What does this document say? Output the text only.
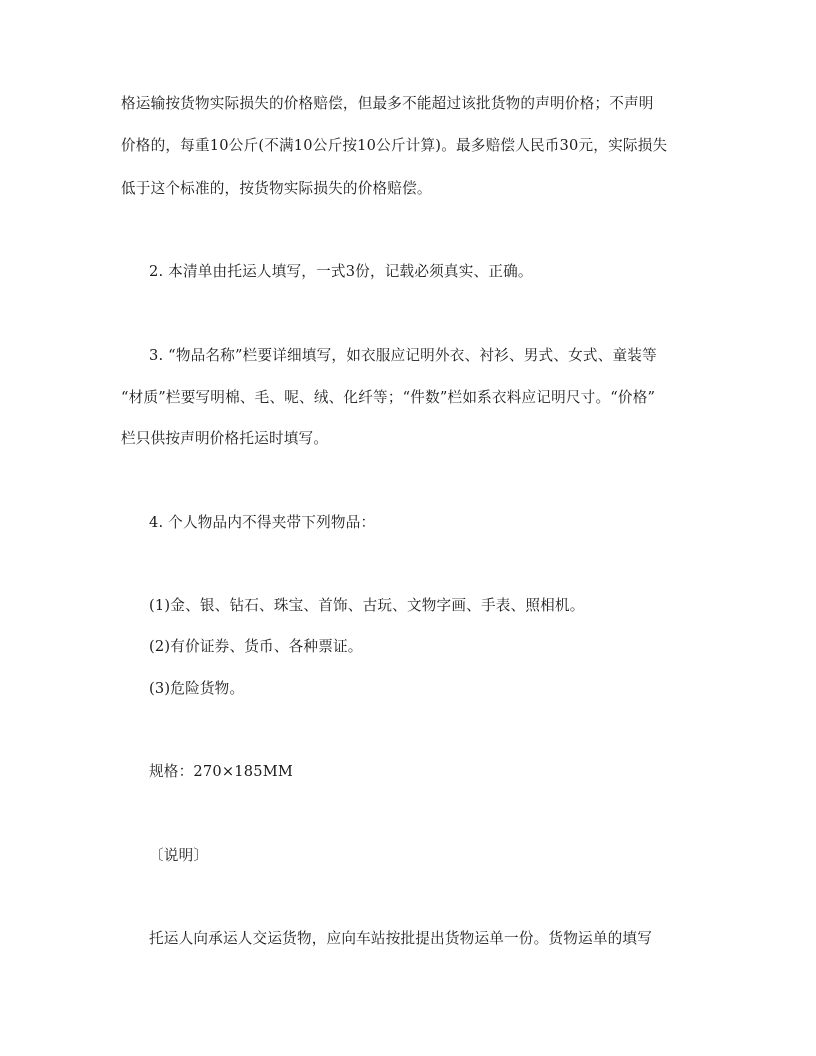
格运输按货物实际损失的价格赔偿，但最多不能超过该批货物的声明价格；不声明
价格的，每重10公斤(不满10公斤按10公斤计算)。最多赔偿人民币30元，实际损失
低于这个标准的，按货物实际损失的价格赔偿。
2. 本清单由托运人填写，一式3份，记载必须真实、正确。
3. “物品名称”栏要详细填写，如衣服应记明外衣、衬衫、男式、女式、童装等
“材质”栏要写明棉、毛、呢、绒、化纤等；“件数”栏如系衣料应记明尺寸。“价格”
栏只供按声明价格托运时填写。
4. 个人物品内不得夹带下列物品：
(1)金、银、钻石、珠宝、首饰、古玩、文物字画、手表、照相机。
(2)有价证券、货币、各种票证。
(3)危险货物。
规格：270×185MM
〔说明〕
托运人向承运人交运货物，应向车站按批提出货物运单一份。货物运单的填写
